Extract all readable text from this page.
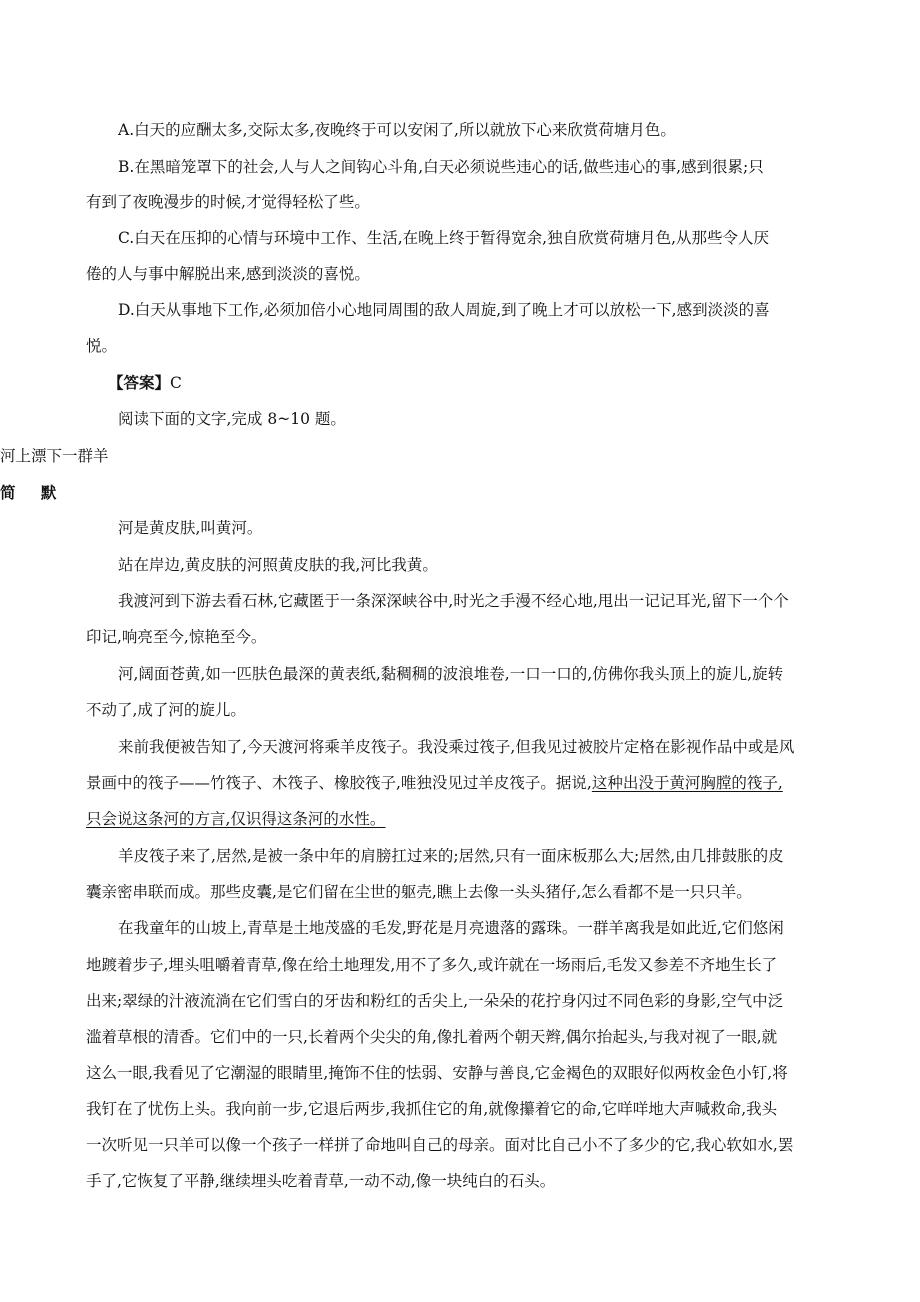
A.白天的应酬太多,交际太多,夜晚终于可以安闲了,所以就放下心来欣赏荷塘月色。
B.在黑暗笼罩下的社会,人与人之间钩心斗角,白天必须说些违心的话,做些违心的事,感到很累;只
有到了夜晚漫步的时候,才觉得轻松了些。
C.白天在压抑的心情与环境中工作、生活,在晚上终于暂得宽余,独自欣赏荷塘月色,从那些令人厌
倦的人与事中解脱出来,感到淡淡的喜悦。
D.白天从事地下工作,必须加倍小心地同周围的敌人周旋,到了晚上才可以放松一下,感到淡淡的喜
悦。
【答案】C
阅读下面的文字,完成 8~10 题。
河上漂下一群羊
简 默
河是黄皮肤,叫黄河。
站在岸边,黄皮肤的河照黄皮肤的我,河比我黄。
我渡河到下游去看石林,它藏匿于一条深深峡谷中,时光之手漫不经心地,甩出一记记耳光,留下一个个
印记,响亮至今,惊艳至今。
河,阔面苍黄,如一匹肤色最深的黄表纸,黏稠稠的波浪堆卷,一口一口的,仿佛你我头顶上的旋儿,旋转
不动了,成了河的旋儿。
来前我便被告知了,今天渡河将乘羊皮筏子。我没乘过筏子,但我见过被胶片定格在影视作品中或是风
景画中的筏子——竹筏子、木筏子、橡胶筏子,唯独没见过羊皮筏子。据说,这种出没于黄河胸膛的筏子,
只会说这条河的方言,仅识得这条河的水性。
羊皮筏子来了,居然,是被一条中年的肩膀扛过来的;居然,只有一面床板那么大;居然,由几排鼓胀的皮
囊亲密串联而成。那些皮囊,是它们留在尘世的躯壳,瞧上去像一头头猪仔,怎么看都不是一只只羊。
在我童年的山坡上,青草是土地茂盛的毛发,野花是月亮遗落的露珠。一群羊离我是如此近,它们悠闲
地踱着步子,埋头咀嚼着青草,像在给土地理发,用不了多久,或许就在一场雨后,毛发又参差不齐地生长了
出来;翠绿的汁液流淌在它们雪白的牙齿和粉红的舌尖上,一朵朵的花拧身闪过不同色彩的身影,空气中泛
滥着草根的清香。它们中的一只,长着两个尖尖的角,像扎着两个朝天辫,偶尔抬起头,与我对视了一眼,就
这么一眼,我看见了它潮湿的眼睛里,掩饰不住的怯弱、安静与善良,它金褐色的双眼好似两枚金色小钉,将
我钉在了忧伤上头。我向前一步,它退后两步,我抓住它的角,就像攥着它的命,它咩咩地大声喊救命,我头
一次听见一只羊可以像一个孩子一样拼了命地叫自己的母亲。面对比自己小不了多少的它,我心软如水,罢
手了,它恢复了平静,继续埋头吃着青草,一动不动,像一块纯白的石头。
